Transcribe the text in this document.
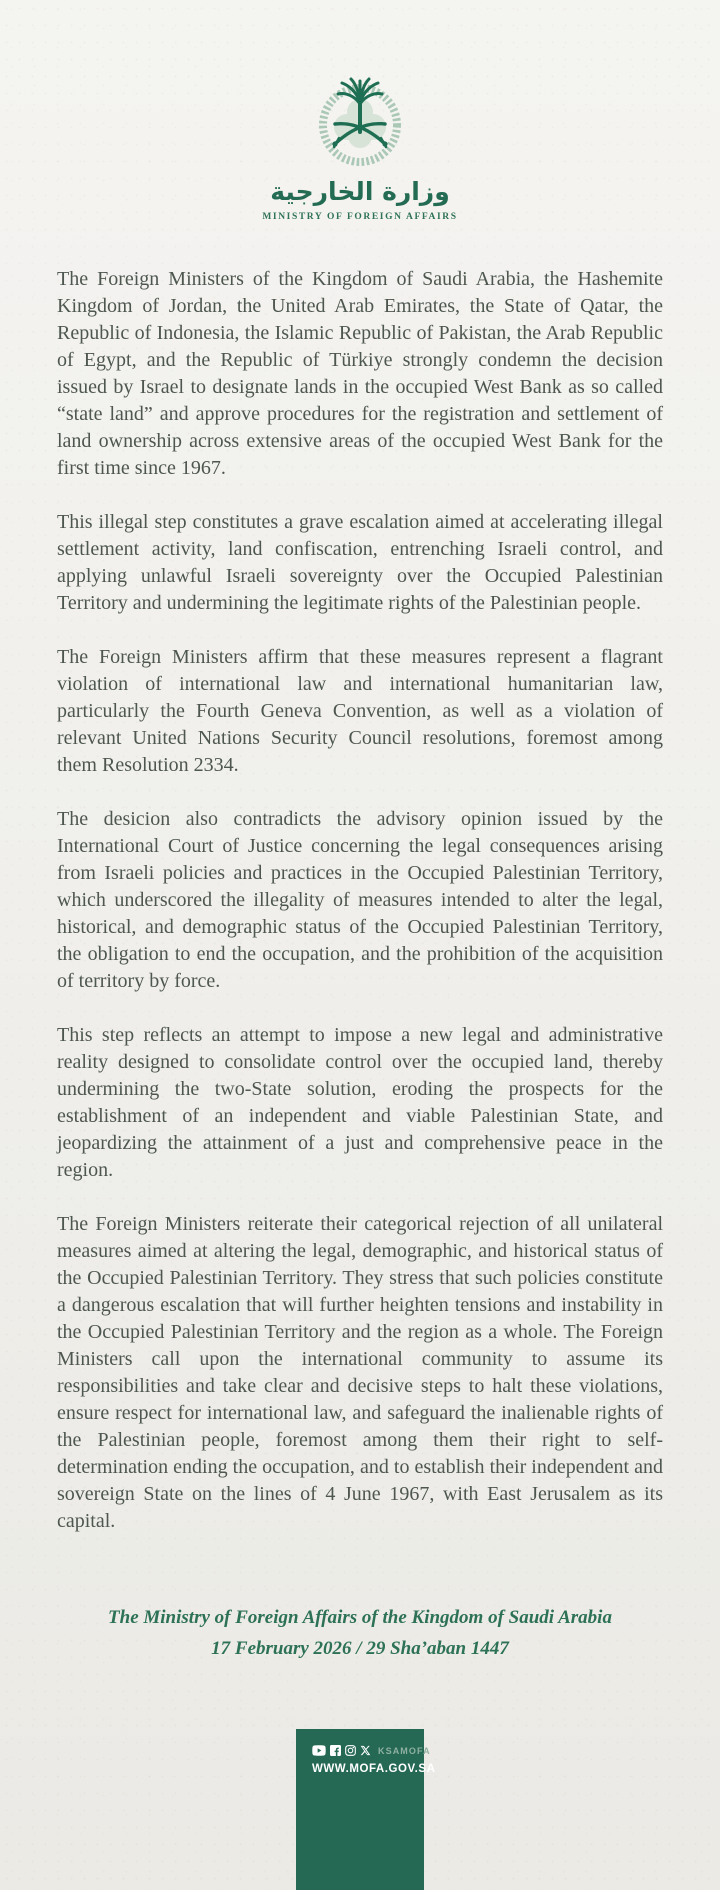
وزارة الخارجية
MINISTRY OF FOREIGN AFFAIRS

The Foreign Ministers of the Kingdom of Saudi Arabia, the Hashemite Kingdom of Jordan, the United Arab Emirates, the State of Qatar, the Republic of Indonesia, the Islamic Republic of Pakistan, the Arab Republic of Egypt, and the Republic of Türkiye strongly condemn the decision issued by Israel to designate lands in the occupied West Bank as so called “state land” and approve procedures for the registration and settlement of land ownership across extensive areas of the occupied West Bank for the first time since 1967.

This illegal step constitutes a grave escalation aimed at accelerating illegal settlement activity, land confiscation, entrenching Israeli control, and applying unlawful Israeli sovereignty over the Occupied Palestinian Territory and undermining the legitimate rights of the Palestinian people.

The Foreign Ministers affirm that these measures represent a flagrant violation of international law and international humanitarian law, particularly the Fourth Geneva Convention, as well as a violation of relevant United Nations Security Council resolutions, foremost among them Resolution 2334.

The desicion also contradicts the advisory opinion issued by the International Court of Justice concerning the legal consequences arising from Israeli policies and practices in the Occupied Palestinian Territory, which underscored the illegality of measures intended to alter the legal, historical, and demographic status of the Occupied Palestinian Territory, the obligation to end the occupation, and the prohibition of the acquisition of territory by force.

This step reflects an attempt to impose a new legal and administrative reality designed to consolidate control over the occupied land, thereby undermining the two-State solution, eroding the prospects for the establishment of an independent and viable Palestinian State, and jeopardizing the attainment of a just and comprehensive peace in the region.

The Foreign Ministers reiterate their categorical rejection of all unilateral measures aimed at altering the legal, demographic, and historical status of the Occupied Palestinian Territory. They stress that such policies constitute a dangerous escalation that will further heighten tensions and instability in the Occupied Palestinian Territory and the region as a whole. The Foreign Ministers call upon the international community to assume its responsibilities and take clear and decisive steps to halt these violations, ensure respect for international law, and safeguard the inalienable rights of the Palestinian people, foremost among them their right to self-determination ending the occupation, and to establish their independent and sovereign State on the lines of 4 June 1967, with East Jerusalem as its capital.

The Ministry of Foreign Affairs of the Kingdom of Saudi Arabia
17 February 2026 / 29 Sha’aban 1447
KSAMOFA
WWW.MOFA.GOV.SA
